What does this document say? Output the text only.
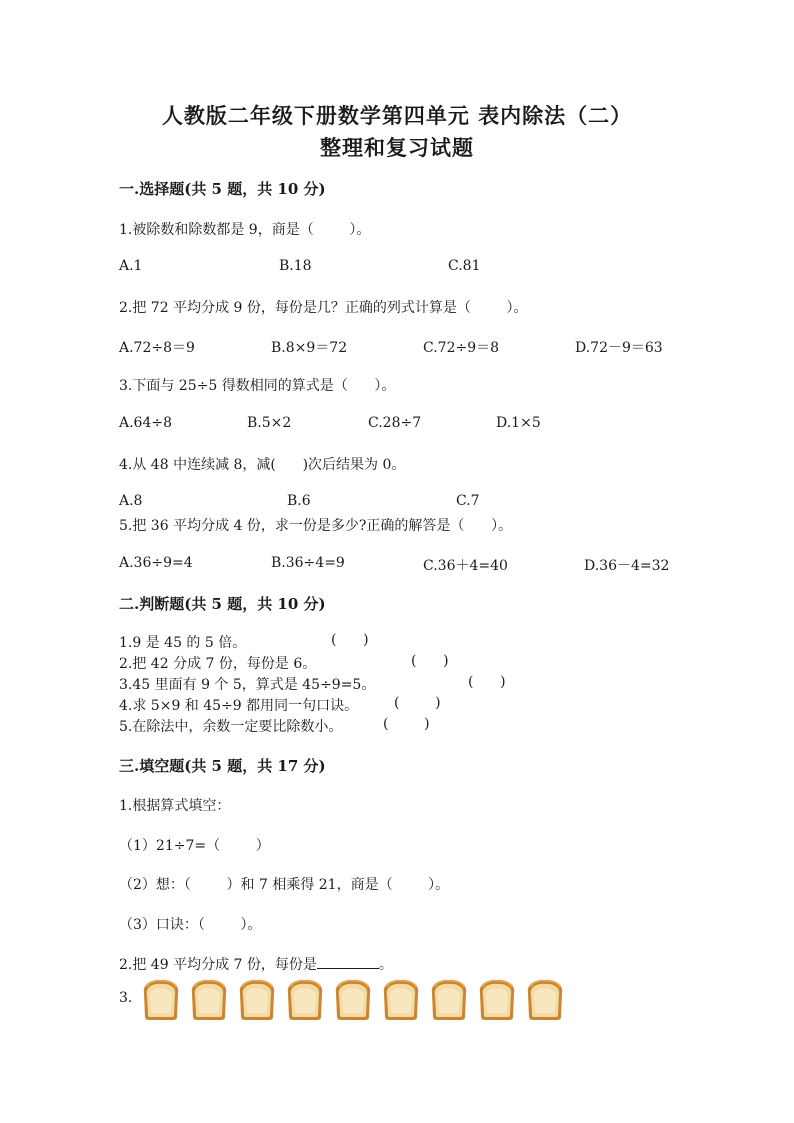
人教版二年级下册数学第四单元 表内除法（二）
整理和复习试题
一.选择题(共 5 题，共 10 分)
1.被除数和除数都是 9，商是（        ）。
A.1	B.18	C.81
2.把 72 平均分成 9 份，每份是几？正确的列式计算是（        ）。
A.72÷8＝9	B.8×9＝72	C.72÷9＝8	D.72－9＝63
3.下面与 25÷5 得数相同的算式是（      ）。
A.64÷8	B.5×2	C.28÷7	D.1×5
4.从 48 中连续减 8，减(      )次后结果为 0。
A.8	B.6	C.7
5.把 36 平均分成 4 份，求一份是多少?正确的解答是（      ）。
A.36÷9=4	B.36÷4=9	C.36＋4=40	D.36－4=32
二.判断题(共 5 题，共 10 分)
1.9 是 45 的 5 倍。	(      )
2.把 42 分成 7 份，每份是 6。	(      )
3.45 里面有 9 个 5，算式是 45÷9=5。	(      )
4.求 5×9 和 45÷9 都用同一句口诀。	(        )
5.在除法中，余数一定要比除数小。	(        )
三.填空题(共 5 题，共 17 分)
1.根据算式填空：
（1）21÷7=（        ）
（2）想：（        ）和 7 相乘得 21，商是（        ）。
（3）口诀：（        ）。
2.把 49 平均分成 7 份，每份是	。
3.
